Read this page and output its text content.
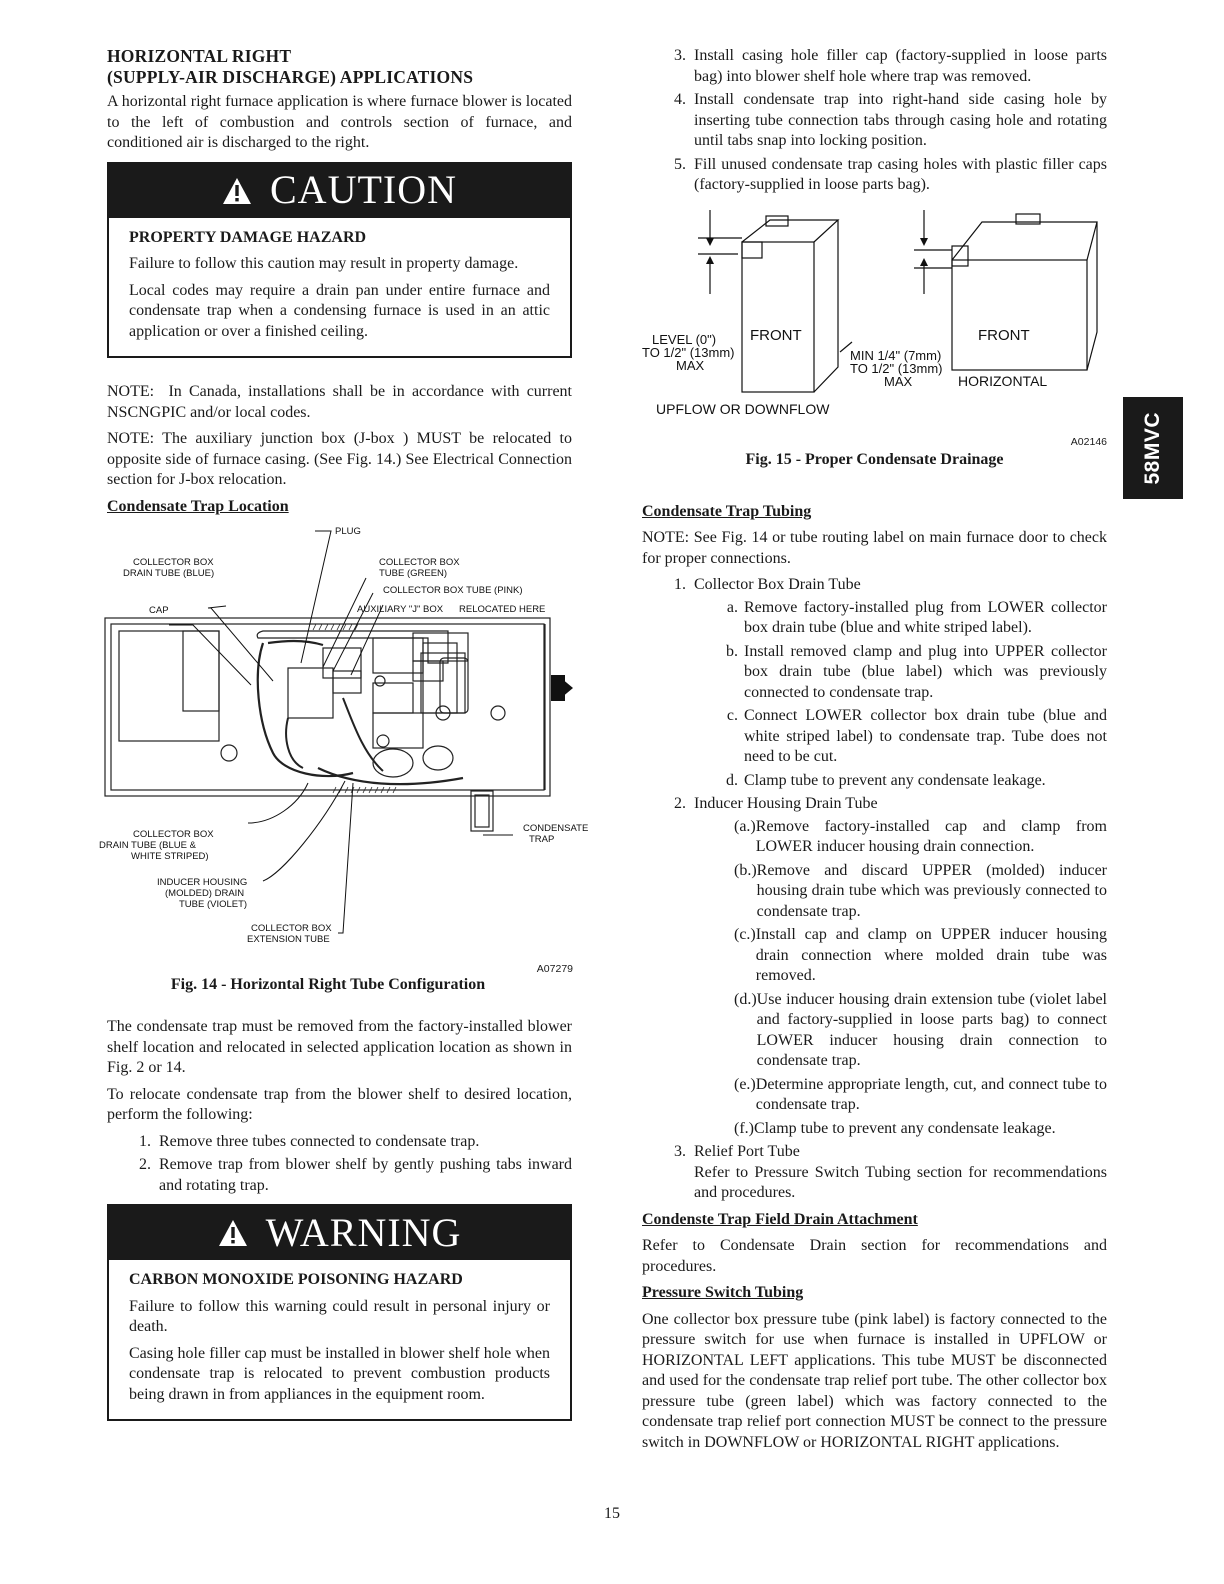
HORIZONTAL RIGHT
(SUPPLY-AIR DISCHARGE) APPLICATIONS

A horizontal right furnace application is where furnace blower is located to the left of combustion and controls section of furnace, and conditioned air is discharged to the right.

CAUTION
PROPERTY DAMAGE HAZARD

Failure to follow this caution may result in property damage.

Local codes may require a drain pan under entire furnace and condensate trap when a condensing furnace is used in an attic application or over a finished ceiling.

NOTE: In Canada, installations shall be in accordance with current NSCNGPIC and/or local codes.

NOTE: The auxiliary junction box (J-box ) MUST be relocated to opposite side of furnace casing. (See Fig. 14.) See Electrical Connection section for J-box relocation.

Condensate Trap Location
PLUG
COLLECTOR BOX
DRAIN TUBE (BLUE)
COLLECTOR BOX
TUBE (GREEN)
COLLECTOR BOX TUBE (PINK)
CAP	AUXILIARY "J" BOX RELOCATED HERE
COLLECTOR BOX
DRAIN TUBE (BLUE &
WHITE STRIPED)
CONDENSATE
TRAP
INDUCER HOUSING
(MOLDED) DRAIN
TUBE (VIOLET)
COLLECTOR BOX
EXTENSION TUBE
A07279
Fig. 14 - Horizontal Right Tube Configuration

The condensate trap must be removed from the factory-installed blower shelf location and relocated in selected application location as shown in Fig. 2 or 14.

To relocate condensate trap from the blower shelf to desired location, perform the following:

1. Remove three tubes connected to condensate trap.
2. Remove trap from blower shelf by gently pushing tabs inward and rotating trap.
WARNING
CARBON MONOXIDE POISONING HAZARD

Failure to follow this warning could result in personal injury or death.

Casing hole filler cap must be installed in blower shelf hole when condensate trap is relocated to prevent combustion products being drawn in from appliances in the equipment room.

3. Install casing hole filler cap (factory-supplied in loose parts bag) into blower shelf hole where trap was removed.
4. Install condensate trap into right-hand side casing hole by inserting tube connection tabs through casing hole and rotating until tabs snap into locking position.
5. Fill unused condensate trap casing holes with plastic filler caps (factory-supplied in loose parts bag).
LEVEL (0")
TO 1/2" (13mm)
MAX
FRONT	FRONT
MIN 1/4" (7mm)
TO 1/2" (13mm)
MAX	HORIZONTAL
UPFLOW OR DOWNFLOW
A02146
Fig. 15 - Proper Condensate Drainage
Condensate Trap Tubing

NOTE: See Fig. 14 or tube routing label on main furnace door to check for proper connections.

1. Collector Box Drain Tube
a. Remove factory-installed plug from LOWER collector box drain tube (blue and white striped label).
b. Install removed clamp and plug into UPPER collector box drain tube (blue label) which was previously connected to condensate trap.
c. Connect LOWER collector box drain tube (blue and white striped label) to condensate trap. Tube does not need to be cut.
d. Clamp tube to prevent any condensate leakage.
2. Inducer Housing Drain Tube
(a.) Remove factory-installed cap and clamp from LOWER inducer housing drain connection.
(b.) Remove and discard UPPER (molded) inducer housing drain tube which was previously connected to condensate trap.
(c.) Install cap and clamp on UPPER inducer housing drain connection where molded drain tube was removed.
(d.) Use inducer housing drain extension tube (violet label and factory-supplied in loose parts bag) to connect LOWER inducer housing drain connection to condensate trap.
(e.) Determine appropriate length, cut, and connect tube to condensate trap.
(f.) Clamp tube to prevent any condensate leakage.
3. Relief Port Tube
Refer to Pressure Switch Tubing section for recommendations and procedures.
Condenste Trap Field Drain Attachment

Refer to Condensate Drain section for recommendations and procedures.

Pressure Switch Tubing

One collector box pressure tube (pink label) is factory connected to the pressure switch for use when furnace is installed in UPFLOW or HORIZONTAL LEFT applications. This tube MUST be disconnected and used for the condensate trap relief port tube. The other collector box pressure tube (green label) which was factory connected to the condensate trap relief port connection MUST be connect to the pressure switch in DOWNFLOW or HORIZONTAL RIGHT applications.

58MVC
15
